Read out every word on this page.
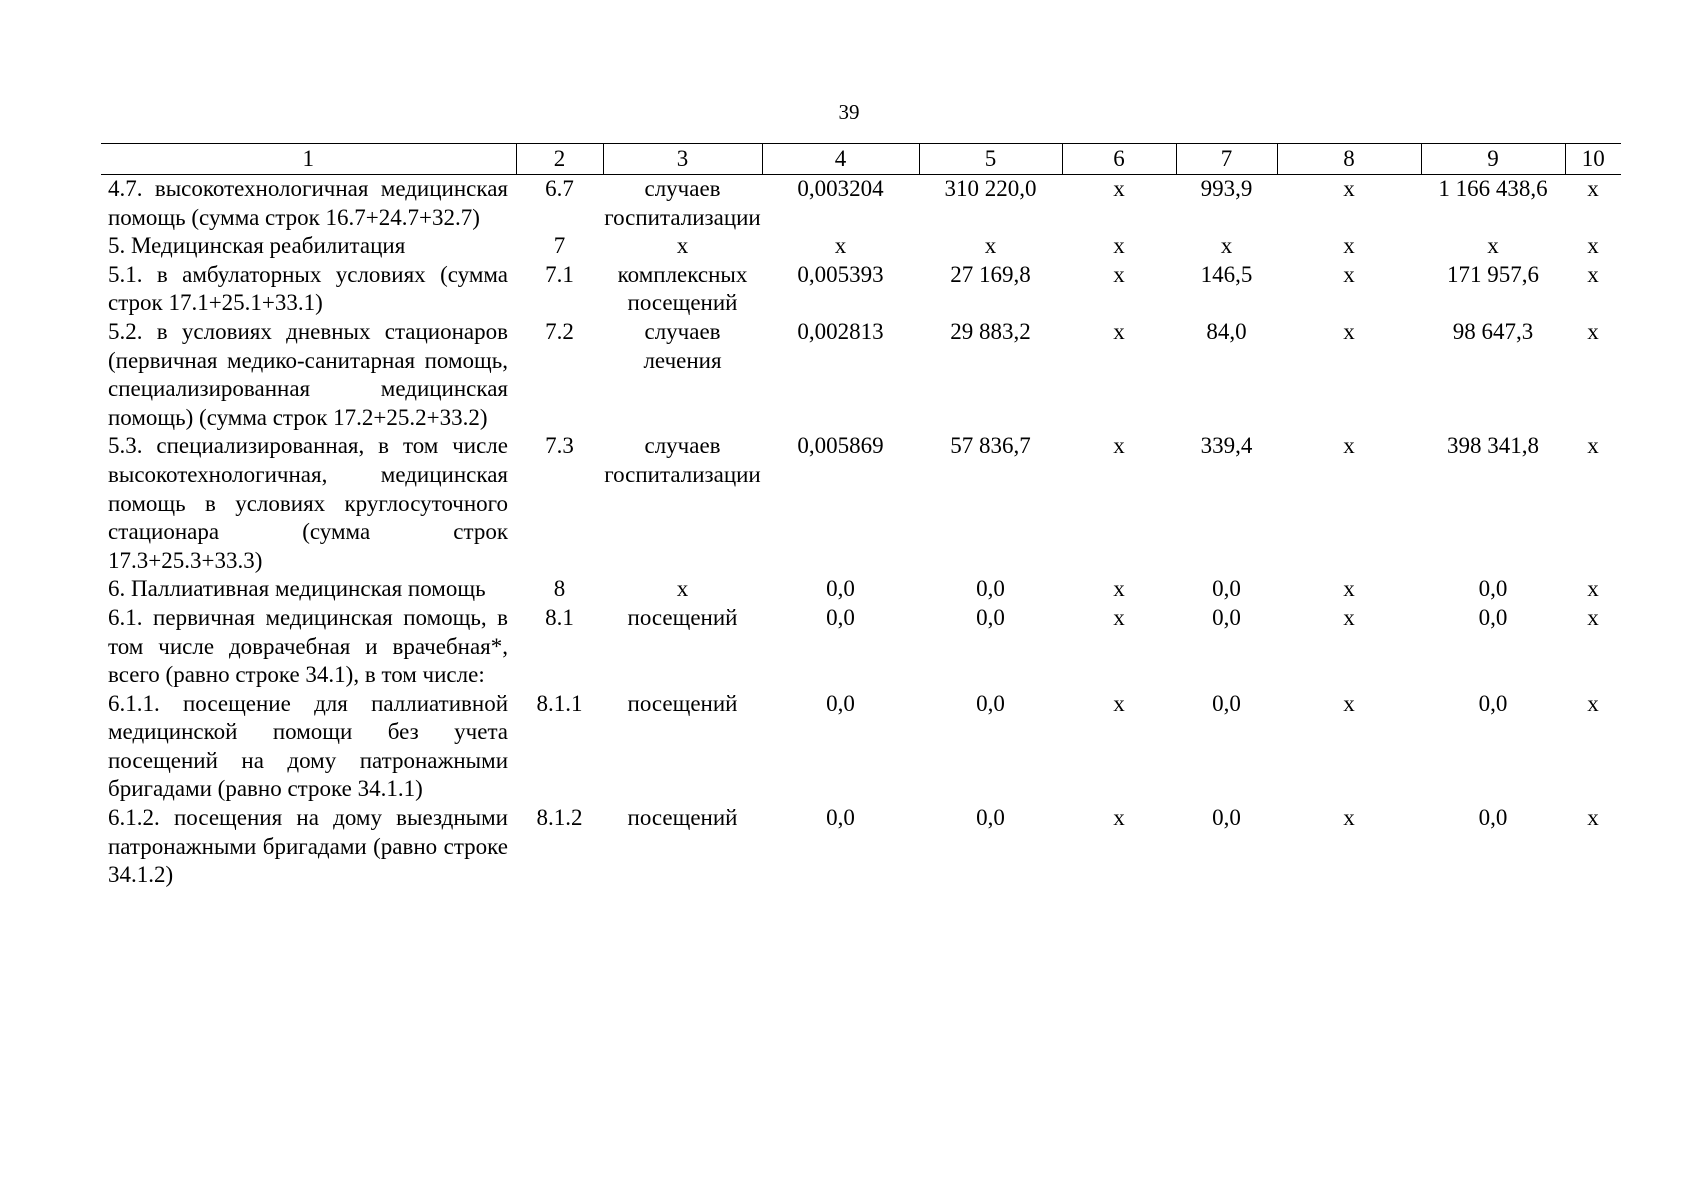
39
1	2	3	4	5	6	7	8	9	10
4.7. высокотехнологичная медицинская помощь (сумма строк 16.7+24.7+32.7)	6.7	случаев госпитализации	0,003204	310 220,0	х	993,9	х	1 166 438,6	х
5. Медицинская реабилитация	7	х	х	х	х	х	х	х	х
5.1. в амбулаторных условиях (сумма строк 17.1+25.1+33.1)	7.1	комплексных посещений	0,005393	27 169,8	х	146,5	х	171 957,6	х
5.2. в условиях дневных стационаров (первичная медико-санитарная помощь, специализированная медицинская помощь) (сумма строк 17.2+25.2+33.2)	7.2	случаев лечения	0,002813	29 883,2	х	84,0	х	98 647,3	х
5.3. специализированная, в том числе высокотехнологичная, медицинская помощь в условиях круглосуточного стационара (сумма строк 17.3+25.3+33.3)	7.3	случаев госпитализации	0,005869	57 836,7	х	339,4	х	398 341,8	х
6. Паллиативная медицинская помощь	8	х	0,0	0,0	х	0,0	х	0,0	х
6.1. первичная медицинская помощь, в том числе доврачебная и врачебная*, всего (равно строке 34.1), в том числе:	8.1	посещений	0,0	0,0	х	0,0	х	0,0	х
6.1.1. посещение для паллиативной медицинской помощи без учета посещений на дому патронажными бригадами (равно строке 34.1.1)	8.1.1	посещений	0,0	0,0	х	0,0	х	0,0	х
6.1.2. посещения на дому выездными патронажными бригадами (равно строке 34.1.2)	8.1.2	посещений	0,0	0,0	х	0,0	х	0,0	х
